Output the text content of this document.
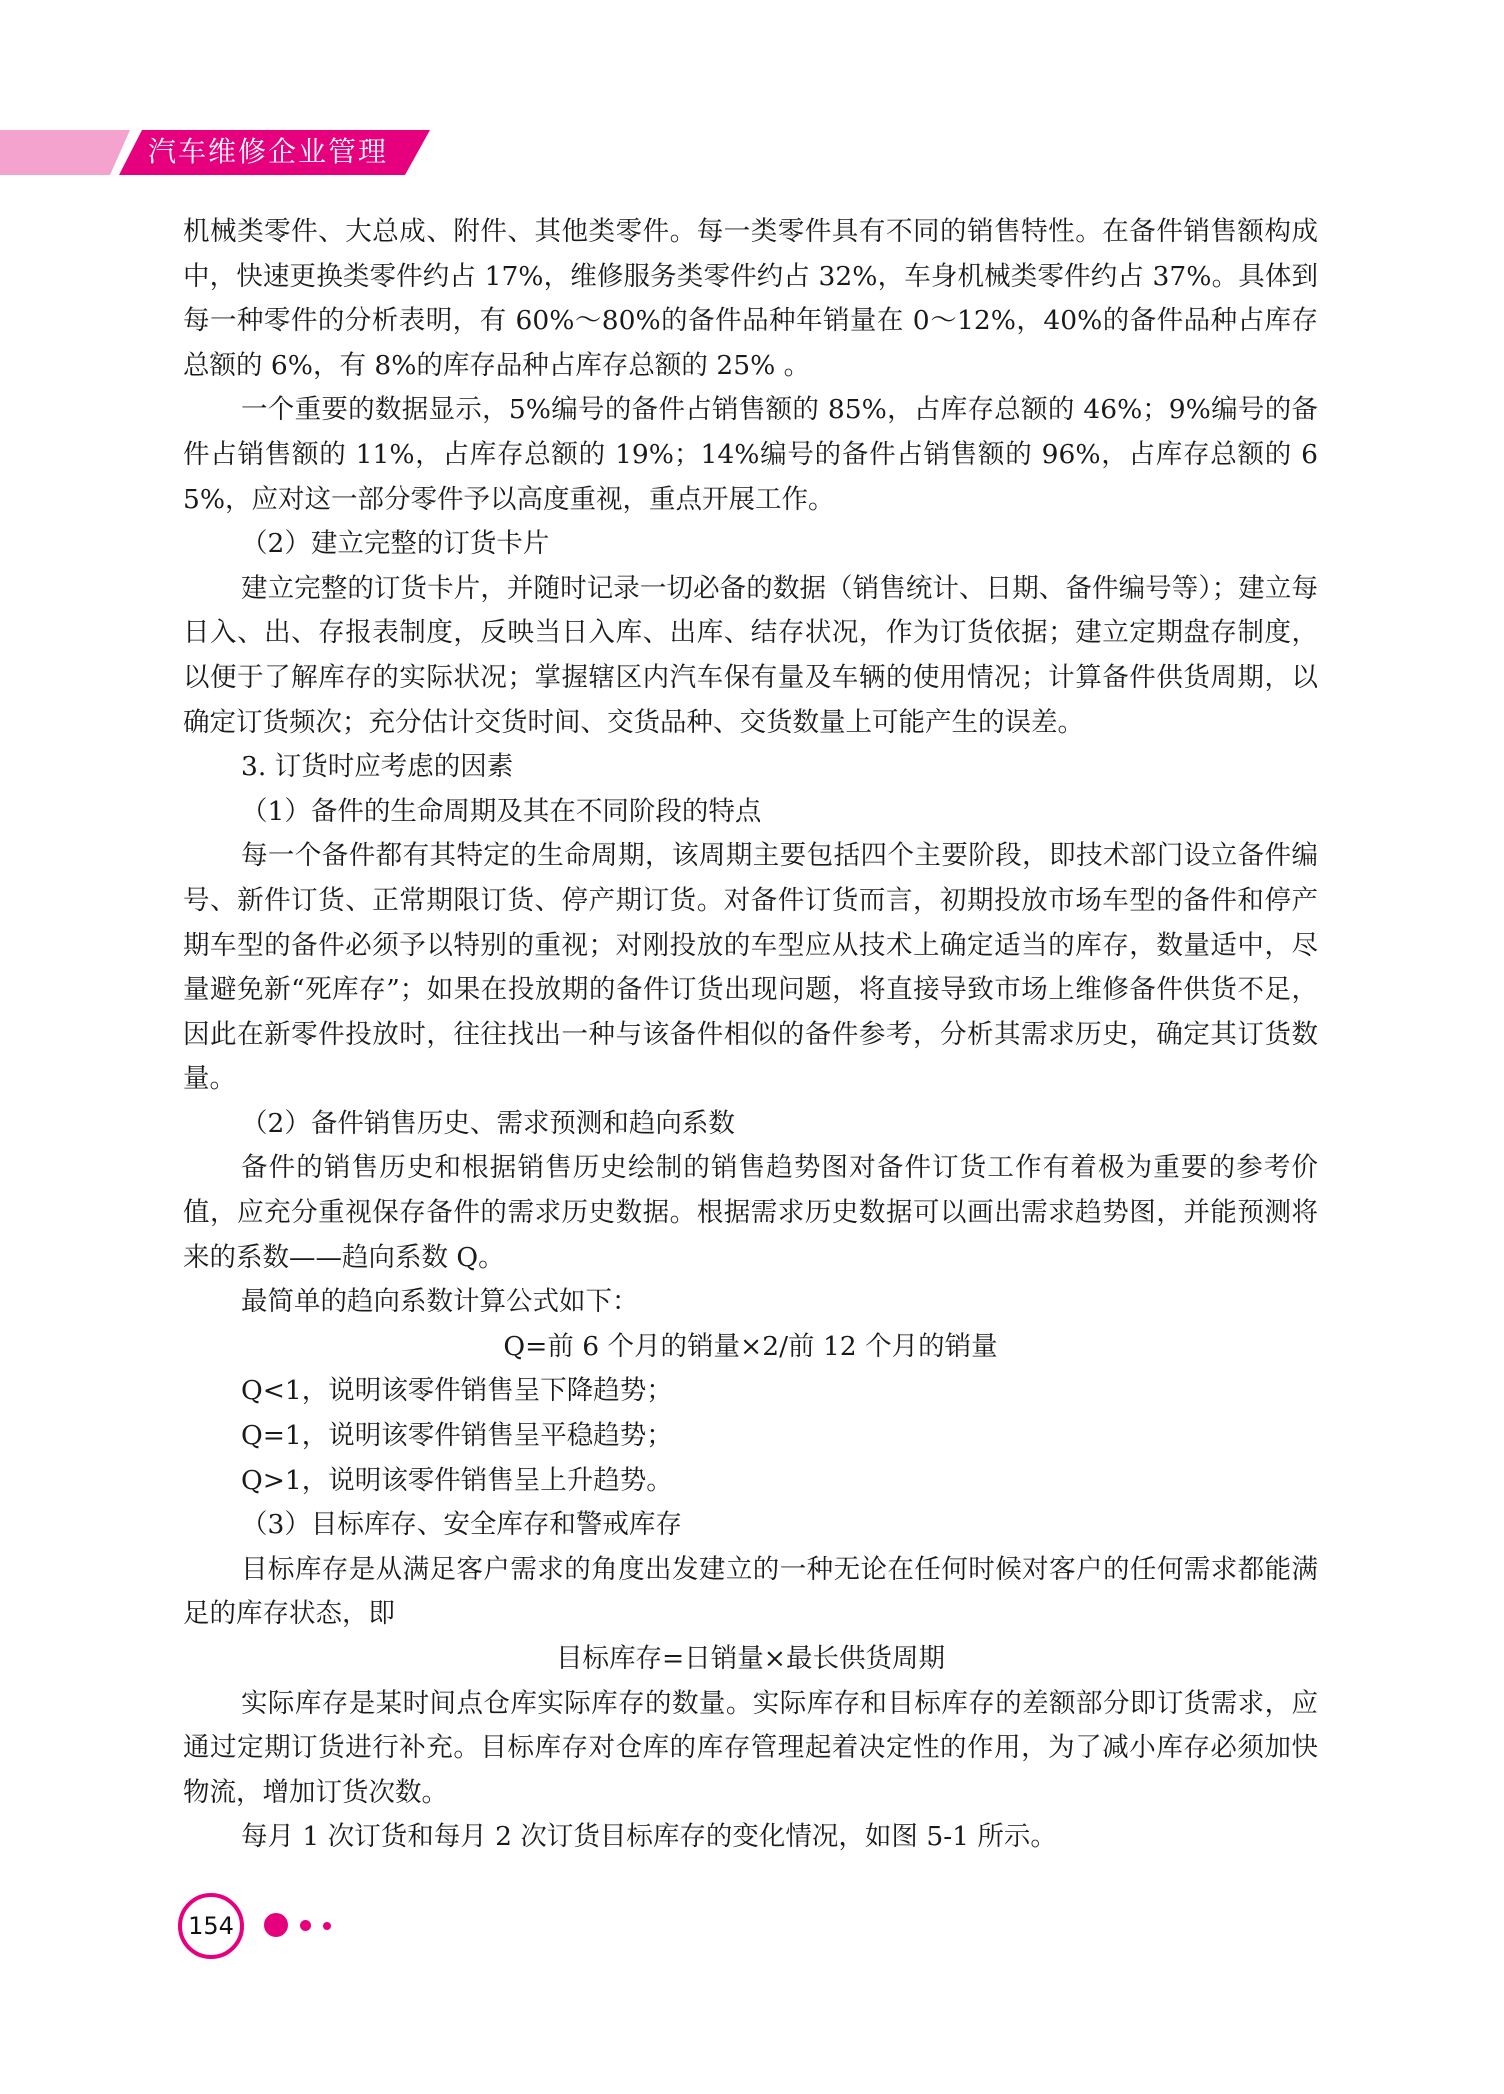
汽车维修企业管理

机械类零件、大总成、附件、其他类零件。每一类零件具有不同的销售特性。在备件销售额构成中，快速更换类零件约占 17%，维修服务类零件约占 32%，车身机械类零件约占 37%。具体到每一种零件的分析表明，有 60%～80%的备件品种年销量在 0～12%，40%的备件品种占库存总额的 6%，有 8%的库存品种占库存总额的 25% 。

一个重要的数据显示，5%编号的备件占销售额的 85%，占库存总额的 46%；9%编号的备件占销售额的 11%，占库存总额的 19%；14%编号的备件占销售额的 96%，占库存总额的 65%，应对这一部分零件予以高度重视，重点开展工作。

（2）建立完整的订货卡片

建立完整的订货卡片，并随时记录一切必备的数据（销售统计、日期、备件编号等）；建立每日入、出、存报表制度，反映当日入库、出库、结存状况，作为订货依据；建立定期盘存制度，以便于了解库存的实际状况；掌握辖区内汽车保有量及车辆的使用情况；计算备件供货周期，以确定订货频次；充分估计交货时间、交货品种、交货数量上可能产生的误差。

3. 订货时应考虑的因素

（1）备件的生命周期及其在不同阶段的特点

每一个备件都有其特定的生命周期，该周期主要包括四个主要阶段，即技术部门设立备件编号、新件订货、正常期限订货、停产期订货。对备件订货而言，初期投放市场车型的备件和停产期车型的备件必须予以特别的重视；对刚投放的车型应从技术上确定适当的库存，数量适中，尽量避免新“死库存”；如果在投放期的备件订货出现问题，将直接导致市场上维修备件供货不足，因此在新零件投放时，往往找出一种与该备件相似的备件参考，分析其需求历史，确定其订货数量。

（2）备件销售历史、需求预测和趋向系数

备件的销售历史和根据销售历史绘制的销售趋势图对备件订货工作有着极为重要的参考价值，应充分重视保存备件的需求历史数据。根据需求历史数据可以画出需求趋势图，并能预测将来的系数——趋向系数 Q。

最简单的趋向系数计算公式如下：

Q=前 6 个月的销量×2/前 12 个月的销量

Q<1，说明该零件销售呈下降趋势；

Q=1，说明该零件销售呈平稳趋势；

Q>1，说明该零件销售呈上升趋势。

（3）目标库存、安全库存和警戒库存

目标库存是从满足客户需求的角度出发建立的一种无论在任何时候对客户的任何需求都能满足的库存状态，即

目标库存=日销量×最长供货周期

实际库存是某时间点仓库实际库存的数量。实际库存和目标库存的差额部分即订货需求，应通过定期订货进行补充。目标库存对仓库的库存管理起着决定性的作用，为了减小库存必须加快物流，增加订货次数。

每月 1 次订货和每月 2 次订货目标库存的变化情况，如图 5-1 所示。

154
